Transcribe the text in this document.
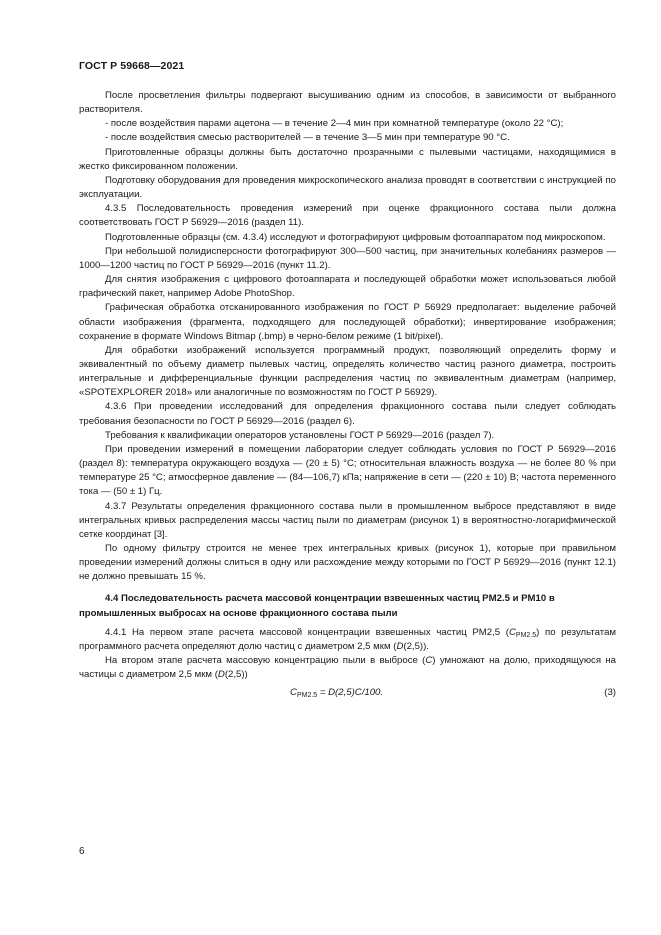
ГОСТ Р 59668—2021

После просветления фильтры подвергают высушиванию одним из способов, в зависимости от выбранного растворителя.

- после воздействия парами ацетона — в течение 2—4 мин при комнатной температуре (около 22 °C);

- после воздействия смесью растворителей — в течение 3—5 мин при температуре 90 °C.

Приготовленные образцы должны быть достаточно прозрачными с пылевыми частицами, находящимися в жестко фиксированном положении.

Подготовку оборудования для проведения микроскопического анализа проводят в соответствии с инструкцией по эксплуатации.

4.3.5 Последовательность проведения измерений при оценке фракционного состава пыли должна соответствовать ГОСТ Р 56929—2016 (раздел 11).

Подготовленные образцы (см. 4.3.4) исследуют и фотографируют цифровым фотоаппаратом под микроскопом.

При небольшой полидисперсности фотографируют 300—500 частиц, при значительных колебаниях размеров — 1000—1200 частиц по ГОСТ Р 56929—2016 (пункт 11.2).

Для снятия изображения с цифрового фотоаппарата и последующей обработки может использоваться любой графический пакет, например Adobe PhotoShop.

Графическая обработка отсканированного изображения по ГОСТ Р 56929 предполагает: выделение рабочей области изображения (фрагмента, подходящего для последующей обработки); инвертирование изображения; сохранение в формате Windows Bitmap (.bmp) в черно-белом режиме (1 bit/pixel).

Для обработки изображений используется программный продукт, позволяющий определить форму и эквивалентный по объему диаметр пылевых частиц, определять количество частиц разного диаметра, построить интегральные и дифференциальные функции распределения частиц по эквивалентным диаметрам (например, «SPOTEXPLORER 2018» или аналогичные по возможностям по ГОСТ Р 56929).

4.3.6 При проведении исследований для определения фракционного состава пыли следует соблюдать требования безопасности по ГОСТ Р 56929—2016 (раздел 6).

Требования к квалификации операторов установлены ГОСТ Р 56929—2016 (раздел 7).

При проведении измерений в помещении лаборатории следует соблюдать условия по ГОСТ Р 56929—2016 (раздел 8): температура окружающего воздуха — (20 ± 5) °C; относительная влажность воздуха — не более 80 % при температуре 25 °C; атмосферное давление — (84—106,7) кПа; напряжение в сети — (220 ± 10) В; частота переменного тока — (50 ± 1) Гц.

4.3.7 Результаты определения фракционного состава пыли в промышленном выбросе представляют в виде интегральных кривых распределения массы частиц пыли по диаметрам (рисунок 1) в вероятностно-логарифмической сетке координат [3].

По одному фильтру строится не менее трех интегральных кривых (рисунок 1), которые при правильном проведении измерений должны слиться в одну или расхождение между которыми по ГОСТ Р 56929—2016 (пункт 12.1) не должно превышать 15 %.

4.4 Последовательность расчета массовой концентрации взвешенных частиц PM2.5 и PM10 в промышленных выбросах на основе фракционного состава пыли

4.4.1 На первом этапе расчета массовой концентрации взвешенных частиц PM2,5 $(C_{PM2.5})$ по результатам программного расчета определяют долю частиц с диаметром 2,5 мкм (D(2,5)).

На втором этапе расчета массовую концентрацию пыли в выбросе (C) умножают на долю, приходящуюся на частицы с диаметром 2,5 мкм (D(2,5))

$C_{PM2.5} = D(2,5)C/100$.	(3)
6
